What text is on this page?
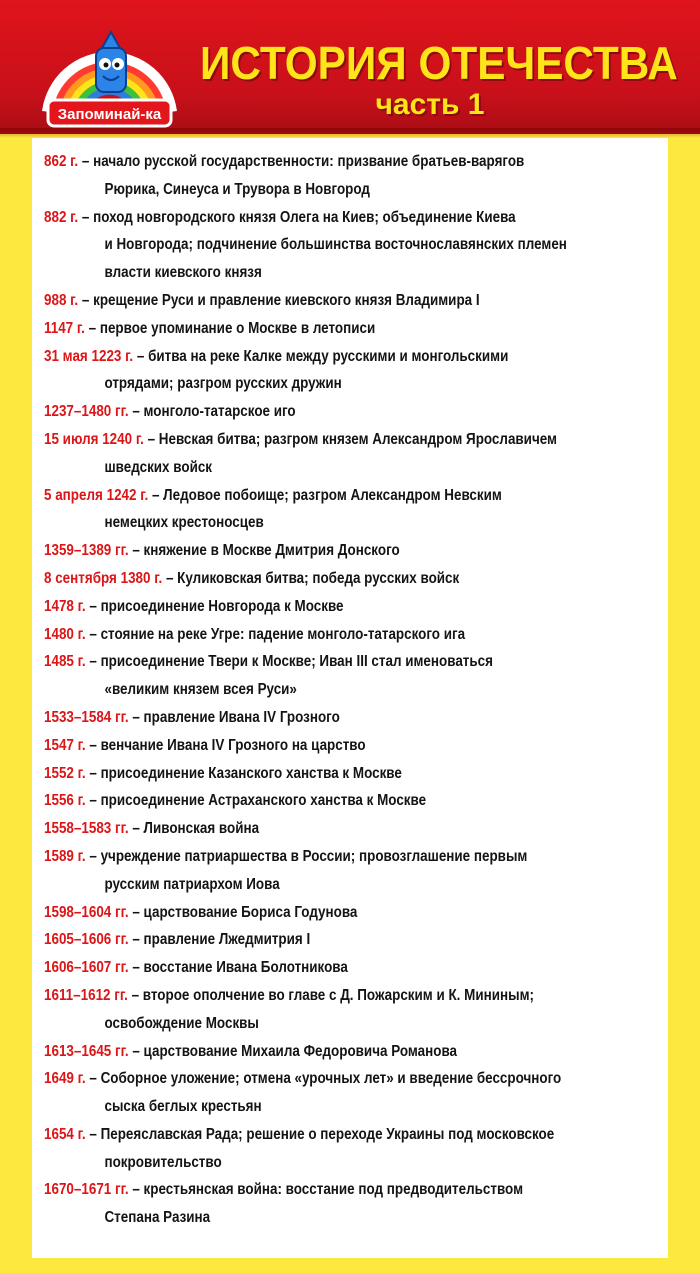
Запоминай-ка
ИСТОРИЯ ОТЕЧЕСТВА
часть 1
862 г. – начало русской государственности: призвание братьев-варягов
Рюрика, Синеуса и Трувора в Новгород
882 г. – поход новгородского князя Олега на Киев; объединение Киева
и Новгорода; подчинение большинства восточнославянских племен
власти киевского князя
988 г. – крещение Руси и правление киевского князя Владимира I
1147 г. – первое упоминание о Москве в летописи
31 мая 1223 г. – битва на реке Калке между русскими и монгольскими
отрядами; разгром русских дружин
1237–1480 гг. – монголо-татарское иго
15 июля 1240 г. – Невская битва; разгром князем Александром Ярославичем
шведских войск
5 апреля 1242 г. – Ледовое побоище; разгром Александром Невским
немецких крестоносцев
1359–1389 гг. – княжение в Москве Дмитрия Донского
8 сентября 1380 г. – Куликовская битва; победа русских войск
1478 г. – присоединение Новгорода к Москве
1480 г. – стояние на реке Угре: падение монголо-татарского ига
1485 г. – присоединение Твери к Москве; Иван III стал именоваться
«великим князем всея Руси»
1533–1584 гг. – правление Ивана IV Грозного
1547 г. – венчание Ивана IV Грозного на царство
1552 г. – присоединение Казанского ханства к Москве
1556 г. – присоединение Астраханского ханства к Москве
1558–1583 гг. – Ливонская война
1589 г. – учреждение патриаршества в России; провозглашение первым
русским патриархом Иова
1598–1604 гг. – царствование Бориса Годунова
1605–1606 гг. – правление Лжедмитрия I
1606–1607 гг. – восстание Ивана Болотникова
1611–1612 гг. – второе ополчение во главе с Д. Пожарским и К. Мининым;
освобождение Москвы
1613–1645 гг. – царствование Михаила Федоровича Романова
1649 г. – Соборное уложение; отмена «урочных лет» и введение бессрочного
сыска беглых крестьян
1654 г. – Переяславская Рада; решение о переходе Украины под московское
покровительство
1670–1671 гг. – крестьянская война: восстание под предводительством
Степана Разина
